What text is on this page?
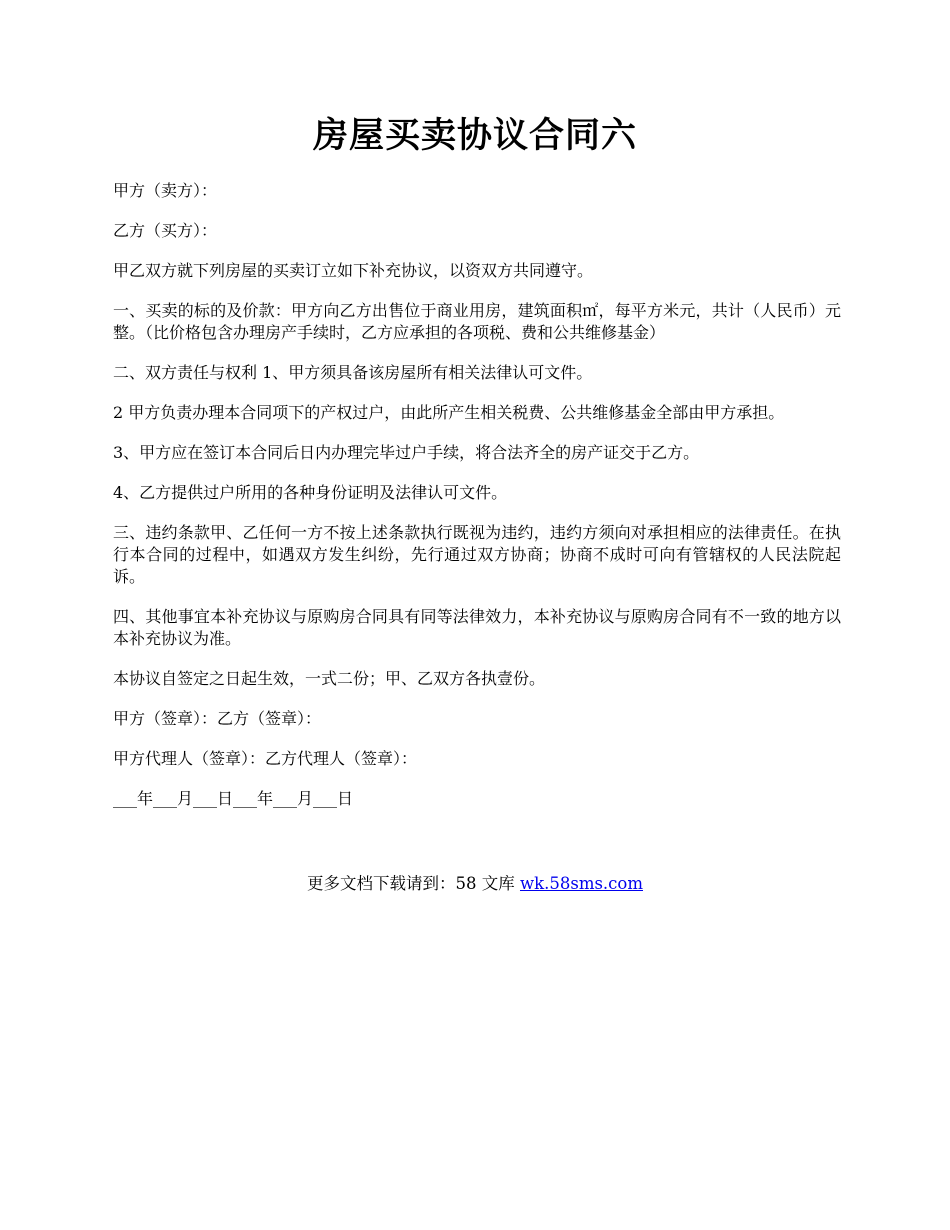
房屋买卖协议合同六

甲方（卖方）：

乙方（买方）：

甲乙双方就下列房屋的买卖订立如下补充协议，以资双方共同遵守。

一、买卖的标的及价款：甲方向乙方出售位于商业用房，建筑面积㎡，每平方米元，共计（人民币）元整。（比价格包含办理房产手续时，乙方应承担的各项税、费和公共维修基金）

二、双方责任与权利 1、甲方须具备该房屋所有相关法律认可文件。

2 甲方负责办理本合同项下的产权过户，由此所产生相关税费、公共维修基金全部由甲方承担。

3、甲方应在签订本合同后日内办理完毕过户手续，将合法齐全的房产证交于乙方。

4、乙方提供过户所用的各种身份证明及法律认可文件。

三、违约条款甲、乙任何一方不按上述条款执行既视为违约，违约方须向对承担相应的法律责任。在执行本合同的过程中，如遇双方发生纠纷，先行通过双方协商；协商不成时可向有管辖权的人民法院起诉。

四、其他事宜本补充协议与原购房合同具有同等法律效力，本补充协议与原购房合同有不一致的地方以本补充协议为准。

本协议自签定之日起生效，一式二份；甲、乙双方各执壹份。

甲方（签章）：乙方（签章）：

甲方代理人（签章）：乙方代理人（签章）：

___年___月___日___年___月___日

更多文档下载请到：58 文库 wk.58sms.com
